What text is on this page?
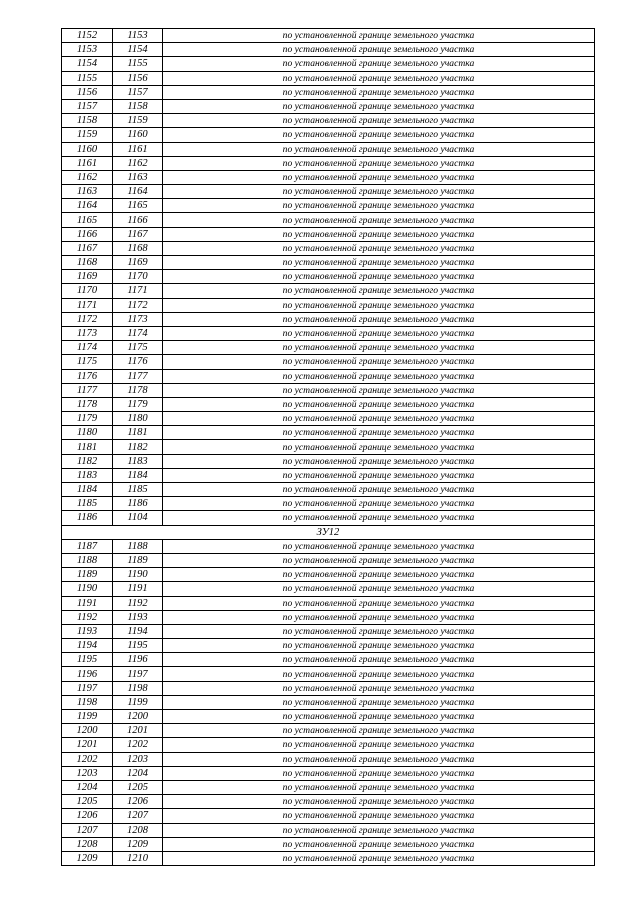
1152	1153	по установленной границе земельного участка
1153	1154	по установленной границе земельного участка
1154	1155	по установленной границе земельного участка
1155	1156	по установленной границе земельного участка
1156	1157	по установленной границе земельного участка
1157	1158	по установленной границе земельного участка
1158	1159	по установленной границе земельного участка
1159	1160	по установленной границе земельного участка
1160	1161	по установленной границе земельного участка
1161	1162	по установленной границе земельного участка
1162	1163	по установленной границе земельного участка
1163	1164	по установленной границе земельного участка
1164	1165	по установленной границе земельного участка
1165	1166	по установленной границе земельного участка
1166	1167	по установленной границе земельного участка
1167	1168	по установленной границе земельного участка
1168	1169	по установленной границе земельного участка
1169	1170	по установленной границе земельного участка
1170	1171	по установленной границе земельного участка
1171	1172	по установленной границе земельного участка
1172	1173	по установленной границе земельного участка
1173	1174	по установленной границе земельного участка
1174	1175	по установленной границе земельного участка
1175	1176	по установленной границе земельного участка
1176	1177	по установленной границе земельного участка
1177	1178	по установленной границе земельного участка
1178	1179	по установленной границе земельного участка
1179	1180	по установленной границе земельного участка
1180	1181	по установленной границе земельного участка
1181	1182	по установленной границе земельного участка
1182	1183	по установленной границе земельного участка
1183	1184	по установленной границе земельного участка
1184	1185	по установленной границе земельного участка
1185	1186	по установленной границе земельного участка
1186	1104	по установленной границе земельного участка
ЗУ12		
1187	1188	по установленной границе земельного участка
1188	1189	по установленной границе земельного участка
1189	1190	по установленной границе земельного участка
1190	1191	по установленной границе земельного участка
1191	1192	по установленной границе земельного участка
1192	1193	по установленной границе земельного участка
1193	1194	по установленной границе земельного участка
1194	1195	по установленной границе земельного участка
1195	1196	по установленной границе земельного участка
1196	1197	по установленной границе земельного участка
1197	1198	по установленной границе земельного участка
1198	1199	по установленной границе земельного участка
1199	1200	по установленной границе земельного участка
1200	1201	по установленной границе земельного участка
1201	1202	по установленной границе земельного участка
1202	1203	по установленной границе земельного участка
1203	1204	по установленной границе земельного участка
1204	1205	по установленной границе земельного участка
1205	1206	по установленной границе земельного участка
1206	1207	по установленной границе земельного участка
1207	1208	по установленной границе земельного участка
1208	1209	по установленной границе земельного участка
1209	1210	по установленной границе земельного участка
